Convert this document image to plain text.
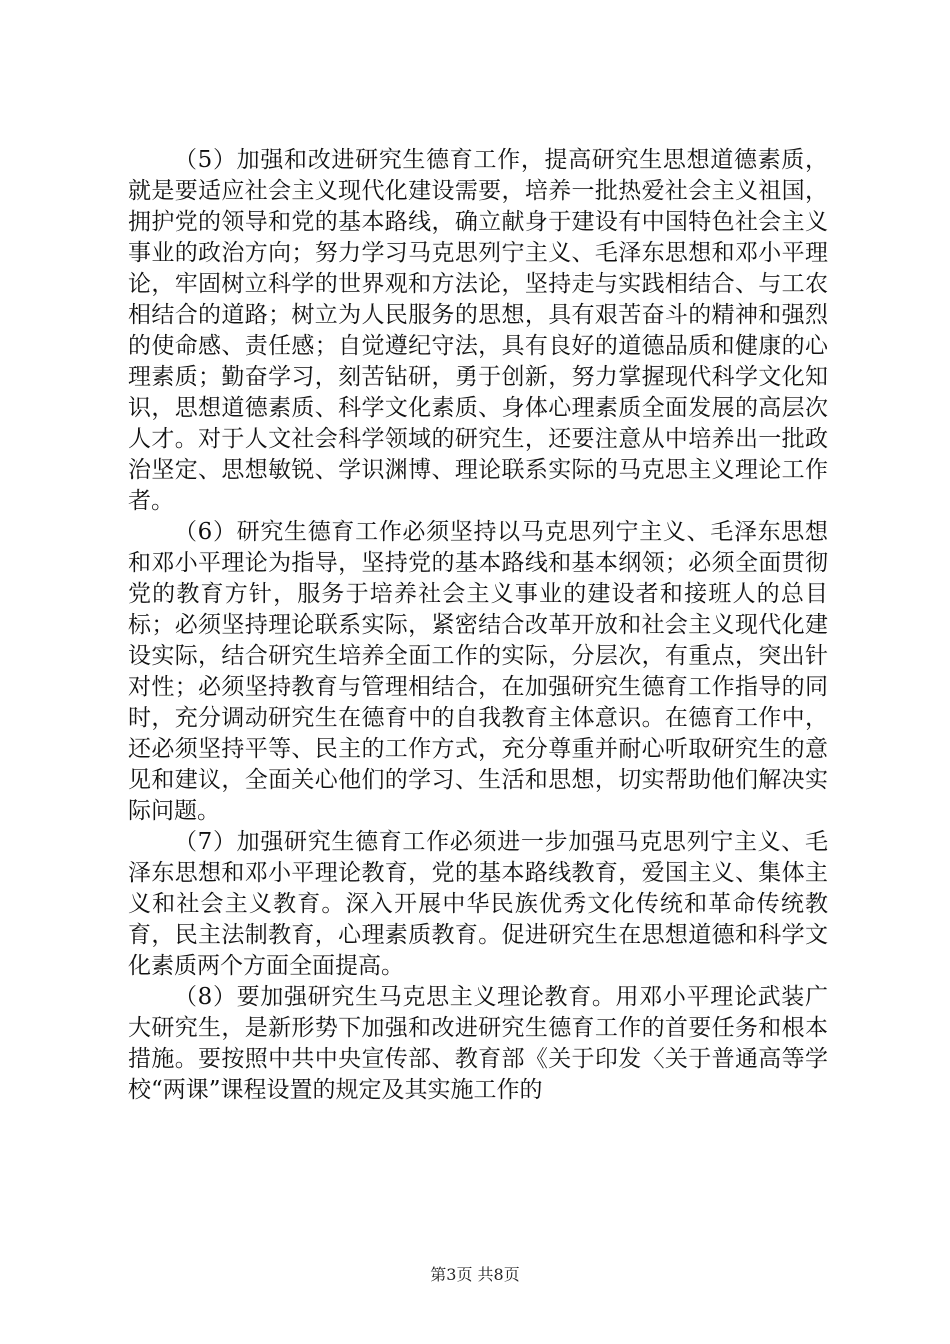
（5）加强和改进研究生德育工作，提高研究生思想道德素质，就是要适应社会主义现代化建设需要，培养一批热爱社会主义祖国，拥护党的领导和党的基本路线，确立献身于建设有中国特色社会主义事业的政治方向；努力学习马克思列宁主义、毛泽东思想和邓小平理论，牢固树立科学的世界观和方法论，坚持走与实践相结合、与工农相结合的道路；树立为人民服务的思想，具有艰苦奋斗的精神和强烈的使命感、责任感；自觉遵纪守法，具有良好的道德品质和健康的心理素质；勤奋学习，刻苦钻研，勇于创新，努力掌握现代科学文化知识，思想道德素质、科学文化素质、身体心理素质全面发展的高层次人才。对于人文社会科学领域的研究生，还要注意从中培养出一批政治坚定、思想敏锐、学识渊博、理论联系实际的马克思主义理论工作者。

（6）研究生德育工作必须坚持以马克思列宁主义、毛泽东思想和邓小平理论为指导，坚持党的基本路线和基本纲领；必须全面贯彻党的教育方针，服务于培养社会主义事业的建设者和接班人的总目标；必须坚持理论联系实际，紧密结合改革开放和社会主义现代化建设实际，结合研究生培养全面工作的实际，分层次，有重点，突出针对性；必须坚持教育与管理相结合，在加强研究生德育工作指导的同时，充分调动研究生在德育中的自我教育主体意识。在德育工作中，还必须坚持平等、民主的工作方式，充分尊重并耐心听取研究生的意见和建议，全面关心他们的学习、生活和思想，切实帮助他们解决实际问题。

（7）加强研究生德育工作必须进一步加强马克思列宁主义、毛泽东思想和邓小平理论教育，党的基本路线教育，爱国主义、集体主义和社会主义教育。深入开展中华民族优秀文化传统和革命传统教育，民主法制教育，心理素质教育。促进研究生在思想道德和科学文化素质两个方面全面提高。

（8）要加强研究生马克思主义理论教育。用邓小平理论武装广大研究生，是新形势下加强和改进研究生德育工作的首要任务和根本措施。要按照中共中央宣传部、教育部《关于印发〈关于普通高等学校“两课”课程设置的规定及其实施工作的

第3页 共8页
